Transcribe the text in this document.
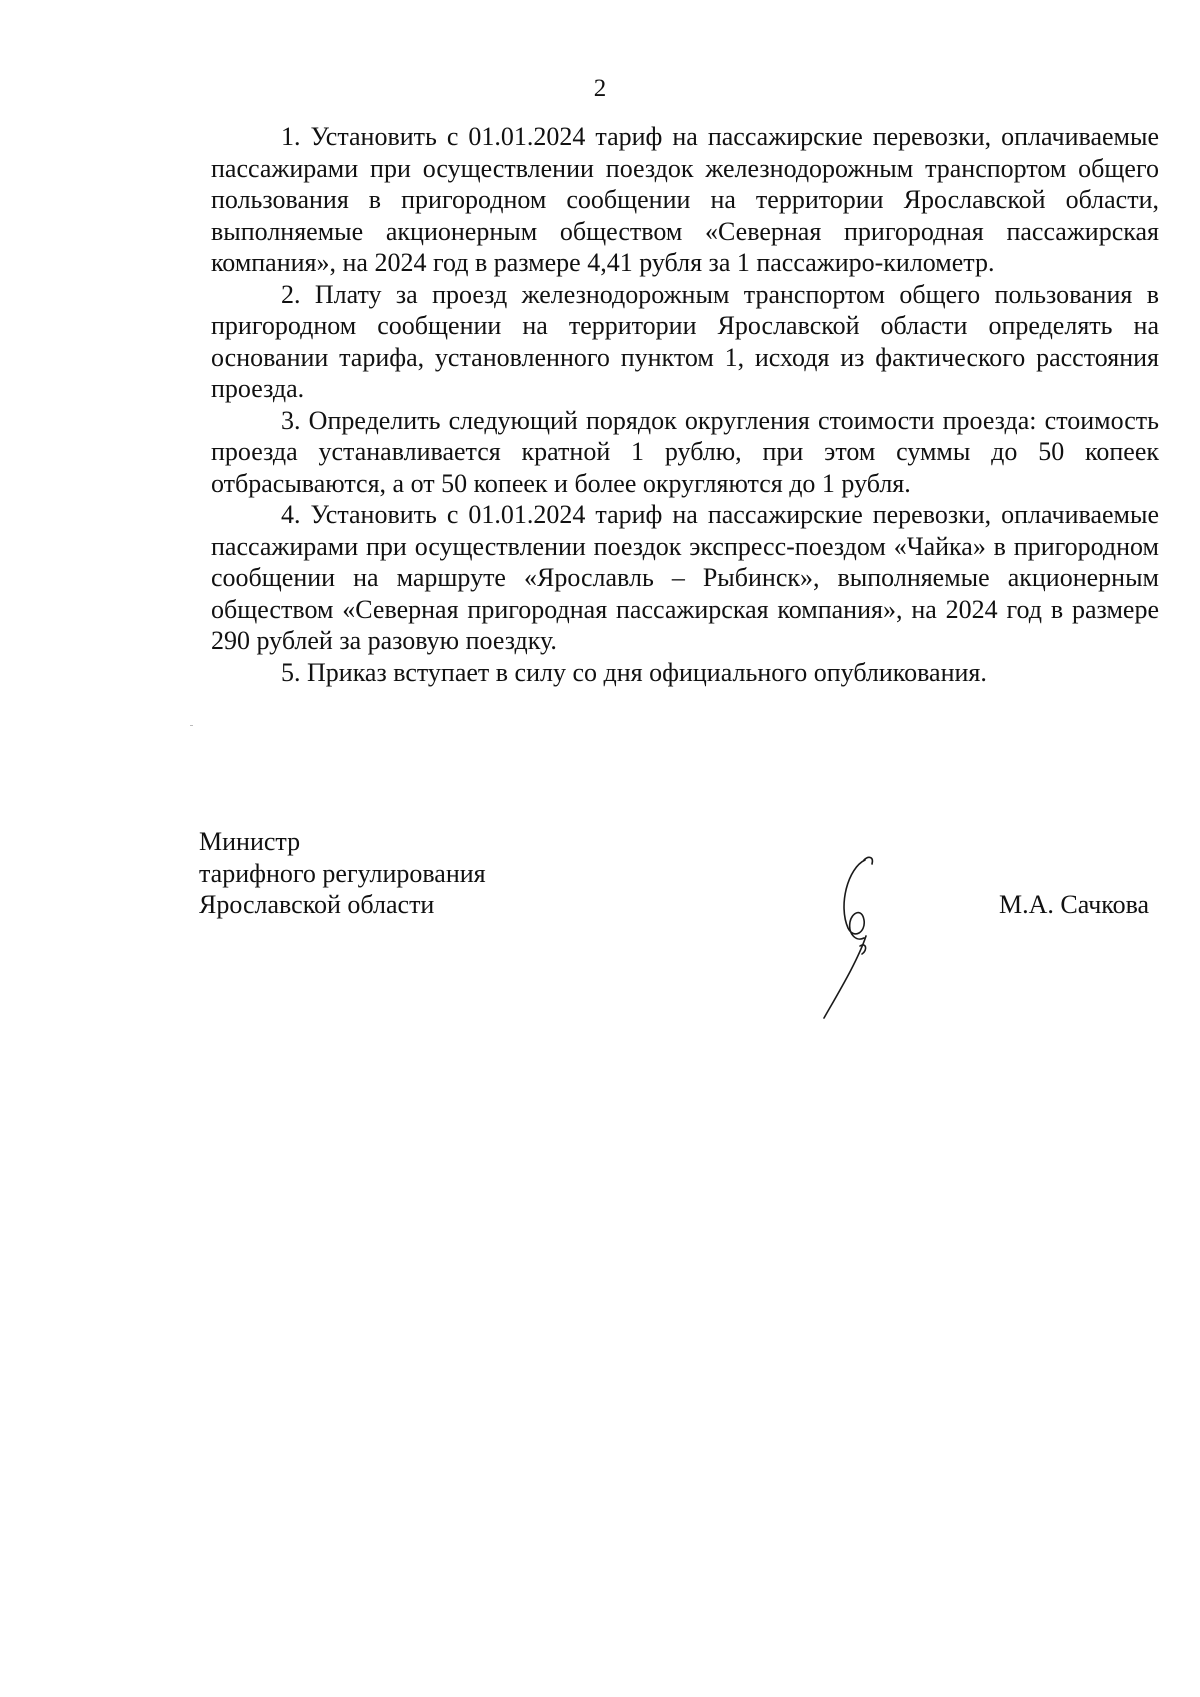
2

1. Установить с 01.01.2024 тариф на пассажирские перевозки, оплачиваемые пассажирами при осуществлении поездок железнодорожным транспортом общего пользования в пригородном сообщении на территории Ярославской области, выполняемые акционерным обществом «Северная пригородная пассажирская компания», на 2024 год в размере 4,41 рубля за 1 пассажиро-километр.

2. Плату за проезд железнодорожным транспортом общего пользования в пригородном сообщении на территории Ярославской области определять на основании тарифа, установленного пунктом 1, исходя из фактического расстояния проезда.

3. Определить следующий порядок округления стоимости проезда: стоимость проезда устанавливается кратной 1 рублю, при этом суммы до 50 копеек отбрасываются, а от 50 копеек и более округляются до 1 рубля.

4. Установить с 01.01.2024 тариф на пассажирские перевозки, оплачиваемые пассажирами при осуществлении поездок экспресс-поездом «Чайка» в пригородном сообщении на маршруте «Ярославль – Рыбинск», выполняемые акционерным обществом «Северная пригородная пассажирская компания», на 2024 год в размере 290 рублей за разовую поездку.

5. Приказ вступает в силу со дня официального опубликования.

Министр
тарифного регулирования
Ярославской области	М.А. Сачкова
